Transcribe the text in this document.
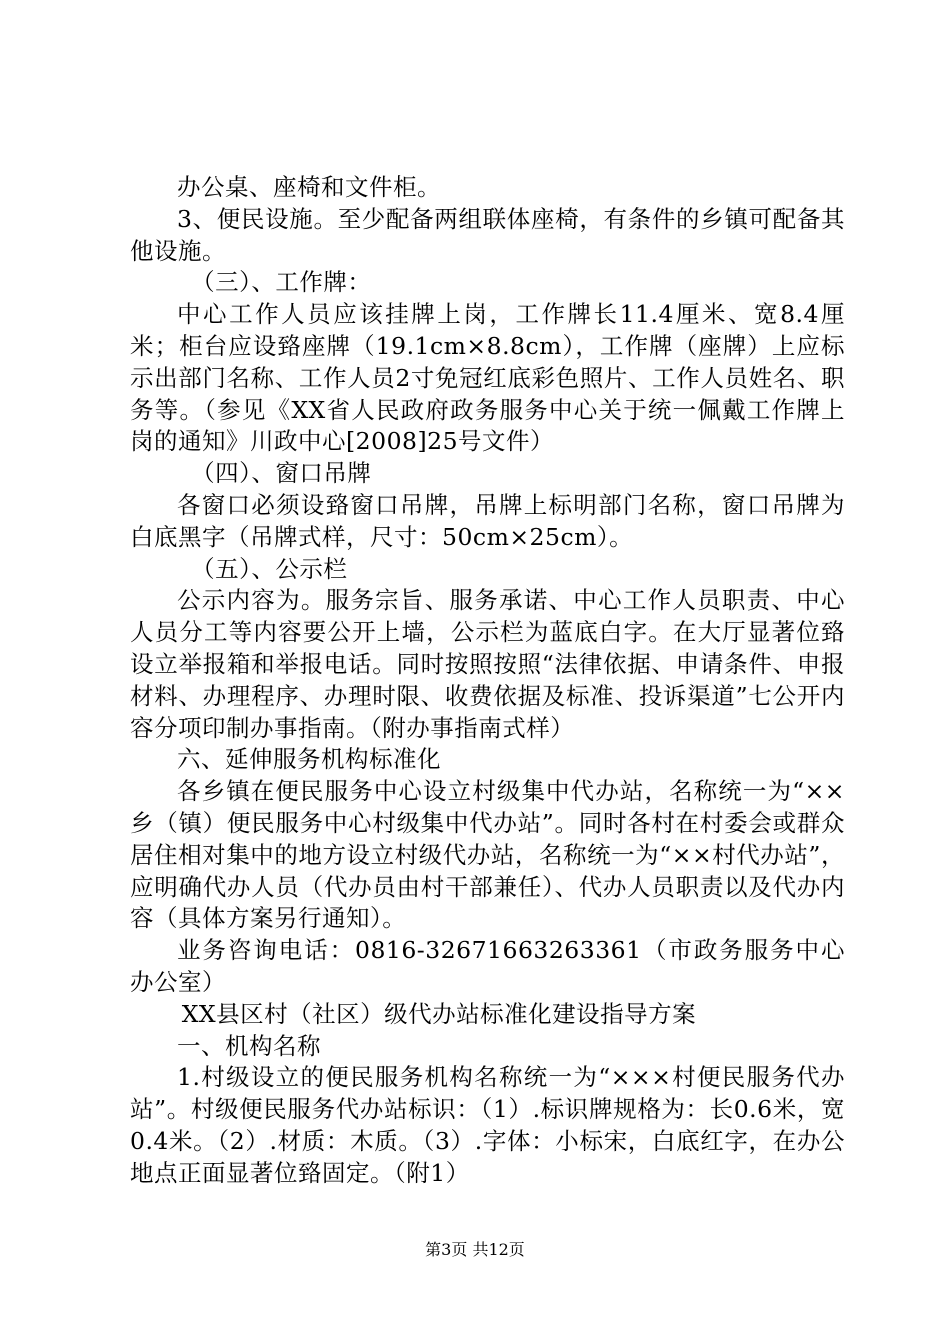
办公桌、座椅和文件柜。

3、便民设施。至少配备两组联体座椅，有条件的乡镇可配备其他设施。

（三）、工作牌：

中心工作人员应该挂牌上岗，工作牌长11.4厘米、宽8.4厘米；柜台应设臵座牌（19.1cm×8.8cm），工作牌（座牌）上应标示出部门名称、工作人员2寸免冠红底彩色照片、工作人员姓名、职务等。（参见《XX省人民政府政务服务中心关于统一佩戴工作牌上岗的通知》川政中心[2008]25号文件）

（四）、窗口吊牌

各窗口必须设臵窗口吊牌，吊牌上标明部门名称，窗口吊牌为白底黑字（吊牌式样，尺寸：50cm×25cm）。

（五）、公示栏

公示内容为。服务宗旨、服务承诺、中心工作人员职责、中心人员分工等内容要公开上墙，公示栏为蓝底白字。在大厅显著位臵设立举报箱和举报电话。同时按照按照“法律依据、申请条件、申报材料、办理程序、办理时限、收费依据及标准、投诉渠道”七公开内容分项印制办事指南。（附办事指南式样）

六、延伸服务机构标准化

各乡镇在便民服务中心设立村级集中代办站，名称统一为“××乡（镇）便民服务中心村级集中代办站”。同时各村在村委会或群众居住相对集中的地方设立村级代办站，名称统一为“××村代办站”，应明确代办人员（代办员由村干部兼任）、代办人员职责以及代办内容（具体方案另行通知）。

业务咨询电话：0816-32671663263361（市政务服务中心办公室）

XX县区村（社区）级代办站标准化建设指导方案

一、机构名称

1.村级设立的便民服务机构名称统一为“×××村便民服务代办站”。村级便民服务代办站标识：（1）.标识牌规格为：长0.6米，宽0.4米。（2）.材质：木质。（3）.字体：小标宋，白底红字，在办公地点正面显著位臵固定。（附1）

第3页 共12页
